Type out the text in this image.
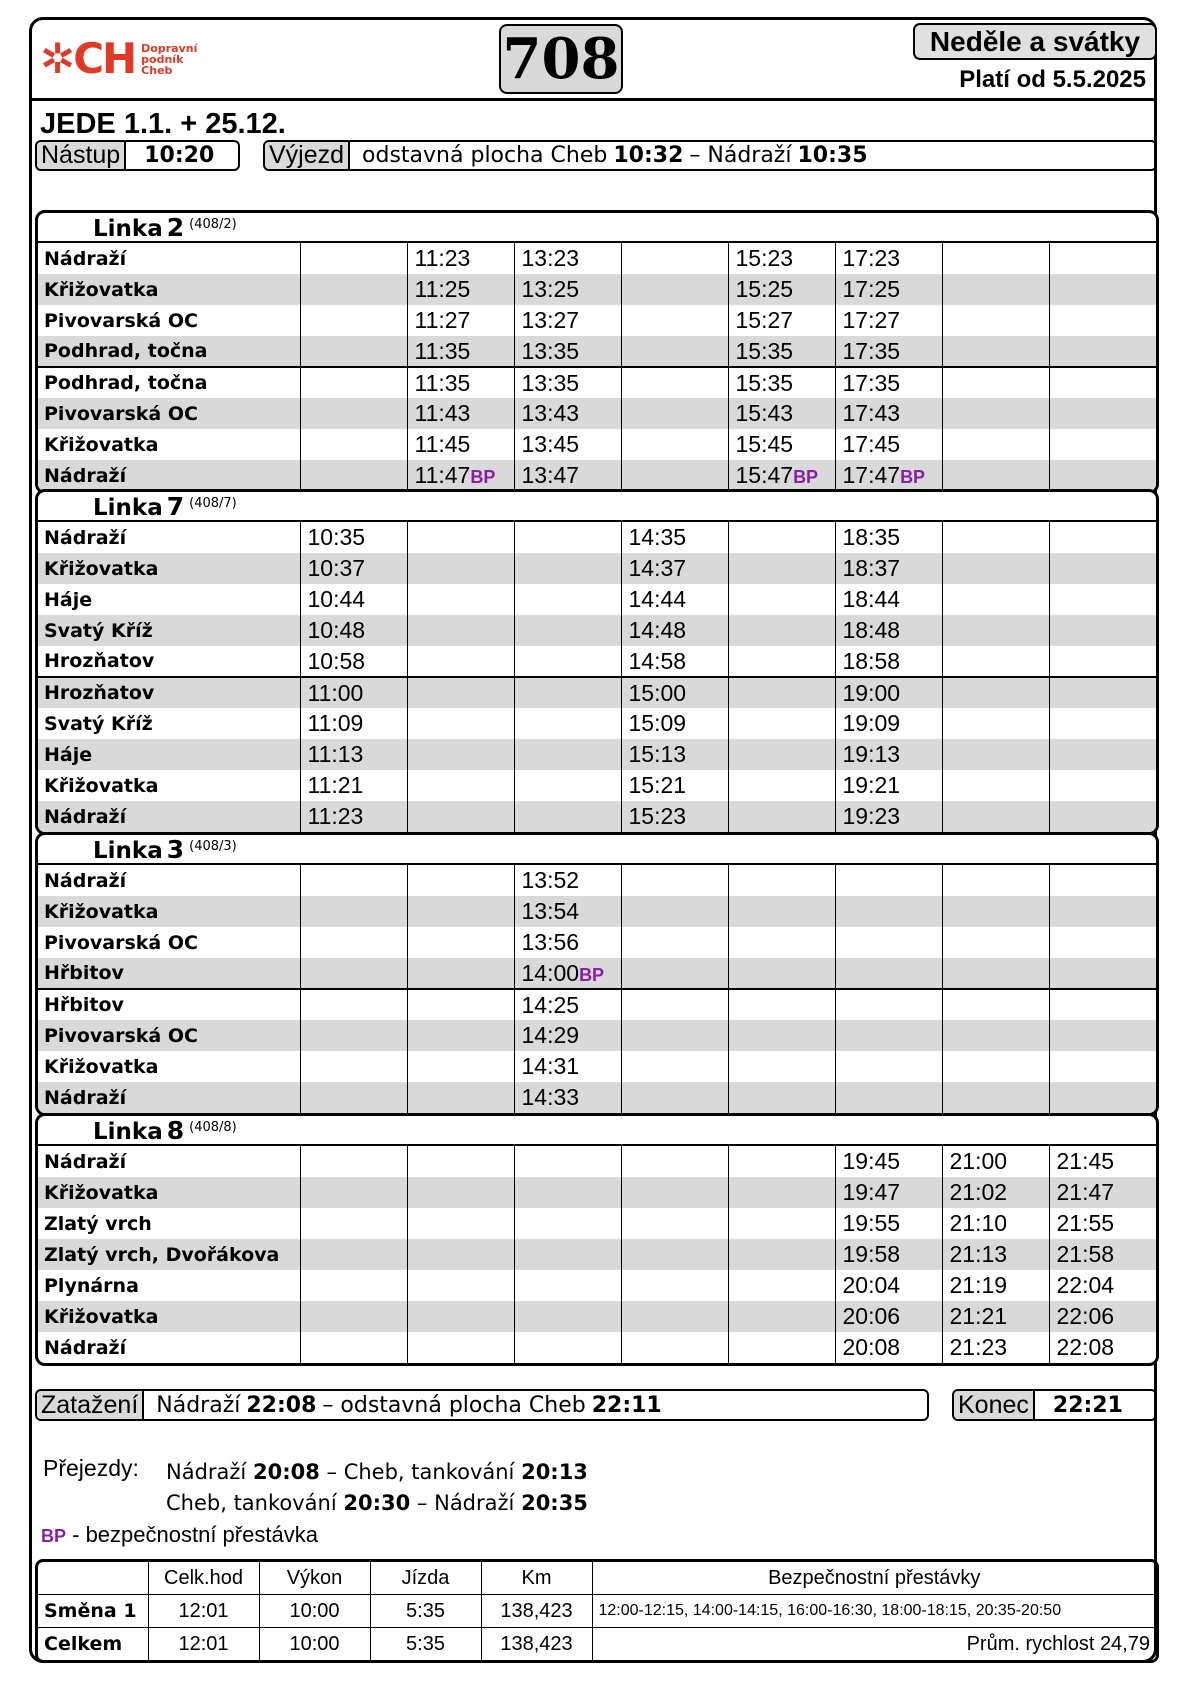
✲CH Dopravní
podník
Cheb	708	Neděle a svátky
Platí od 5.5.2025
JEDE 1.1. + 25.12.
Nástup 10:20 Výjezd odstavná plocha Cheb 10:32 –
Nádraží 10:35
Linka 2 (408/2)
Nádraží		11:23	13:23		15:23	17:23		
Křižovatka		11:25	13:25		15:25	17:25		
Pivovarská OC		11:27	13:27		15:27	17:27		
Podhrad, točna		11:35	13:35		15:35	17:35		
Podhrad, točna		11:35	13:35		15:35	17:35		
Pivovarská OC		11:43	13:43		15:43	17:43		
Křižovatka		11:45	13:45		15:45	17:45		
Nádraží		11:47BP	13:47		15:47BP	17:47BP		
Linka 7 (408/7)
Nádraží	10:35			14:35		18:35		
Křižovatka	10:37			14:37		18:37		
Háje	10:44			14:44		18:44		
Svatý Kříž	10:48			14:48		18:48		
Hrozňatov	10:58			14:58		18:58		
Hrozňatov	11:00			15:00		19:00		
Svatý Kříž	11:09			15:09		19:09		
Háje	11:13			15:13		19:13		
Křižovatka	11:21			15:21		19:21		
Nádraží	11:23			15:23		19:23		
Linka 3 (408/3)
Nádraží			13:52					
Křižovatka			13:54					
Pivovarská OC			13:56					
Hřbitov			14:00BP					
Hřbitov			14:25					
Pivovarská OC			14:29					
Křižovatka			14:31					
Nádraží			14:33					
Linka 8 (408/8)
Nádraží						19:45	21:00	21:45
Křižovatka						19:47	21:02	21:47
Zlatý vrch						19:55	21:10	21:55
Zlatý vrch, Dvořákova						19:58	21:13	21:58
Plynárna						20:04	21:19	22:04
Křižovatka						20:06	21:21	22:06
Nádraží						20:08	21:23	22:08
Zatažení Nádraží 22:08 –
odstavná plocha Cheb 22:11	Konec 22:21
Přejezdy: Nádraží 20:08 – Cheb, tankování 20:13
Cheb, tankování 20:30 – Nádraží 20:35
BP - bezpečnostní přestávka
	Celk.hod	Výkon	Jízda	Km	Bezpečnostní přestávky
Směna 1	12:01	10:00	5:35	138,423	12:00-12:15, 14:00-14:15, 16:00-16:30, 18:00-18:15, 20:35-20:50
Celkem	12:01	10:00	5:35	138,423	Prům. rychlost 24,79
